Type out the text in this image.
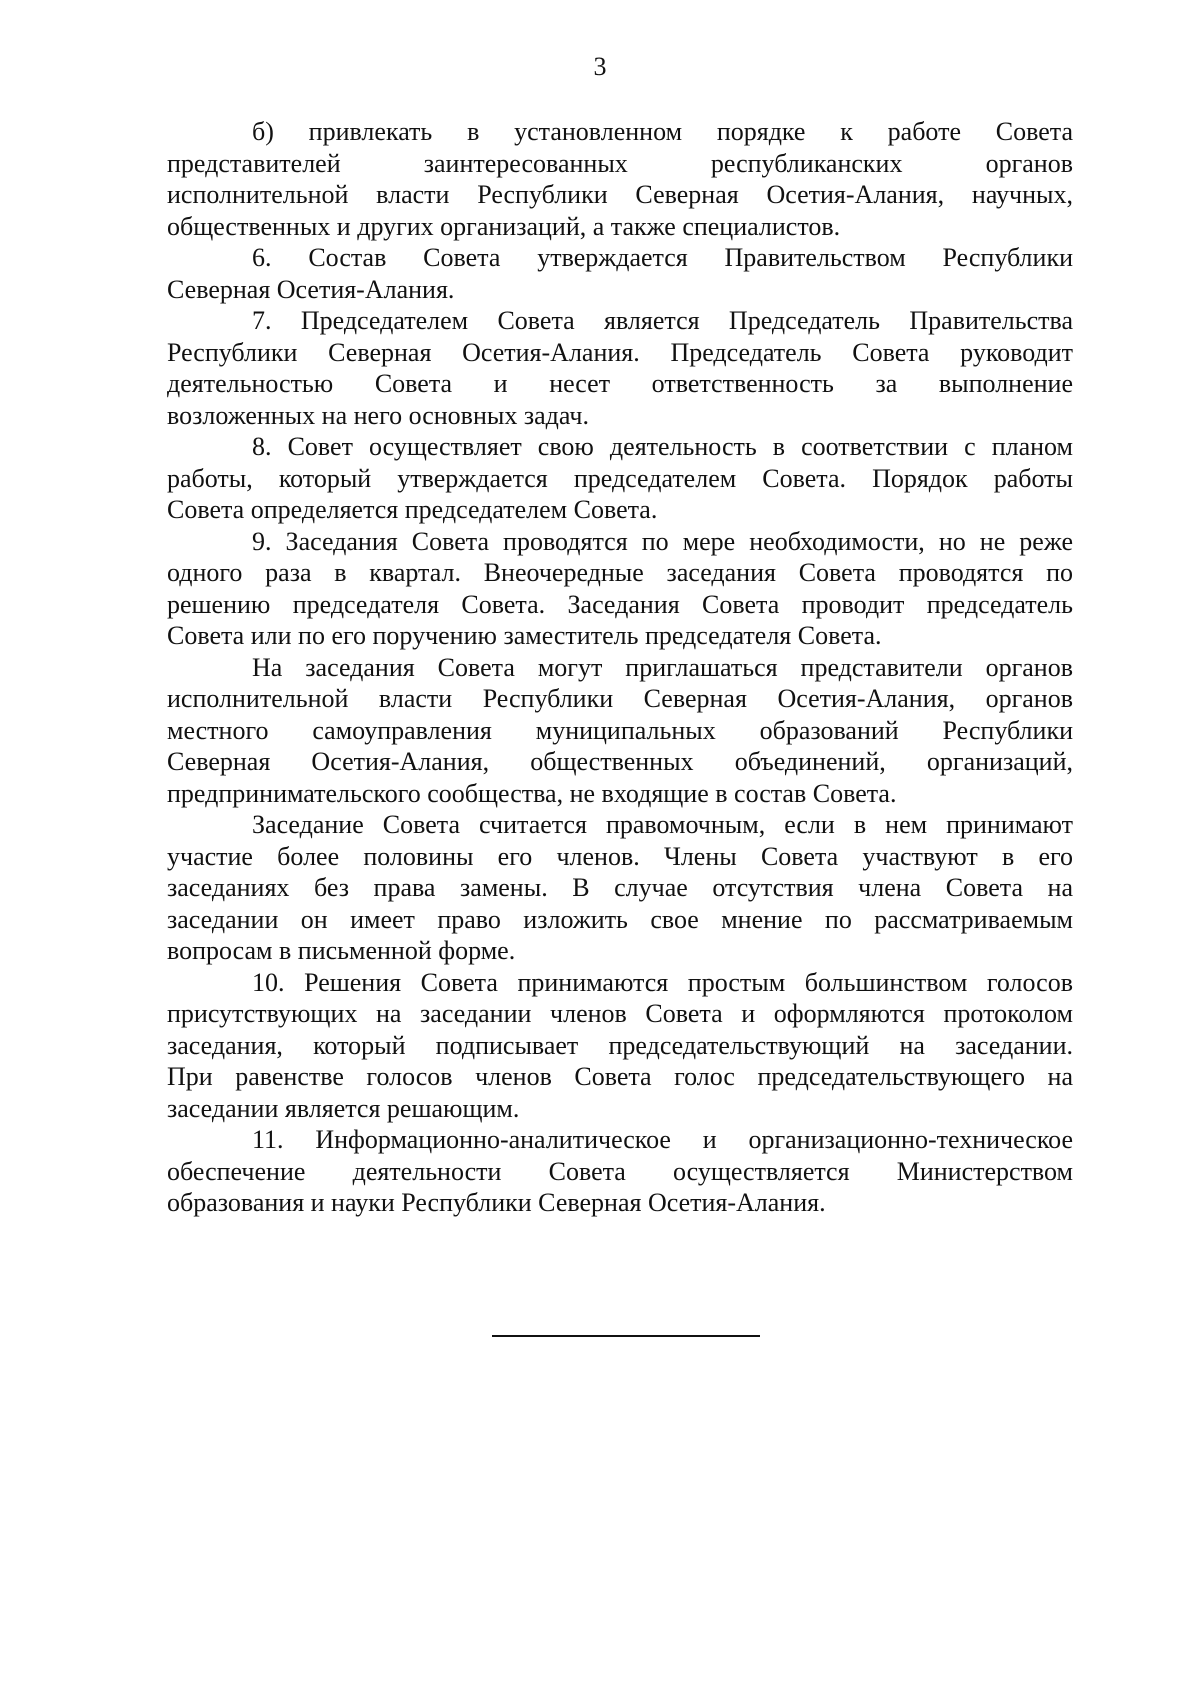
3
б) привлекать в установленном порядке к работе Совета
представителей заинтересованных республиканских органов
исполнительной власти Республики Северная Осетия-Алания, научных,
общественных и других организаций, а также специалистов.
6. Состав Совета утверждается Правительством Республики
Северная Осетия-Алания.
7. Председателем Совета является Председатель Правительства
Республики Северная Осетия-Алания. Председатель Совета руководит
деятельностью Совета и несет ответственность за выполнение
возложенных на него основных задач.
8. Совет осуществляет свою деятельность в соответствии с планом
работы, который утверждается председателем Совета. Порядок работы
Совета определяется председателем Совета.
9. Заседания Совета проводятся по мере необходимости, но не реже
одного раза в квартал. Внеочередные заседания Совета проводятся по
решению председателя Совета. Заседания Совета проводит председатель
Совета или по его поручению заместитель председателя Совета.
На заседания Совета могут приглашаться представители органов
исполнительной власти Республики Северная Осетия-Алания, органов
местного самоуправления муниципальных образований Республики
Северная Осетия-Алания, общественных объединений, организаций,
предпринимательского сообщества, не входящие в состав Совета.
Заседание Совета считается правомочным, если в нем принимают
участие более половины его членов. Члены Совета участвуют в его
заседаниях без права замены. В случае отсутствия члена Совета на
заседании он имеет право изложить свое мнение по рассматриваемым
вопросам в письменной форме.
10. Решения Совета принимаются простым большинством голосов
присутствующих на заседании членов Совета и оформляются протоколом
заседания, который подписывает председательствующий на заседании.
При равенстве голосов членов Совета голос председательствующего на
заседании является решающим.
11. Информационно-аналитическое и организационно-техническое
обеспечение деятельности Совета осуществляется Министерством
образования и науки Республики Северная Осетия-Алания.
